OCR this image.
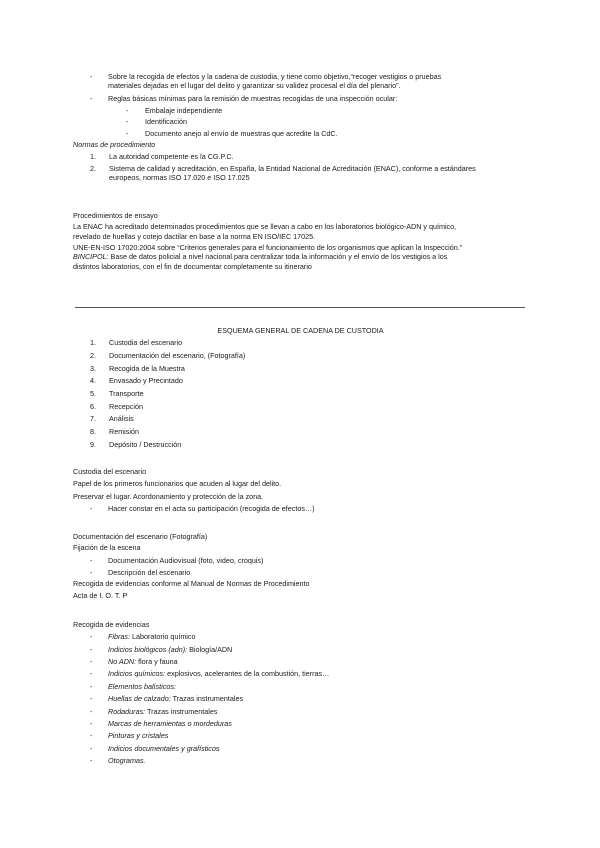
- Sobre la recogida de efectos y la cadena de custodia, y tiene como objetivo,“recoger vestigios o pruebas
materiales dejadas en el lugar del delito y garantizar su validez procesal el día del plenario”.
- Reglas básicas mínimas para la remisión de muestras recogidas de una inspección ocular:
- Embalaje independiente
- Identificación
- Documento anejo al envío de muestras que acredite la CdC.
Normas de procedimiento
1. La autoridad competente es la CG.P.C.
2. Sistema de calidad y acreditación, en España, la Entidad Nacional de Acreditación (ENAC), conforme a estándares
europeos, normas ISO 17.020 e ISO 17.025
Procedimientos de ensayo
La ENAC ha acreditado determinados procedimientos que se llevan a cabo en los laboratorios biológico-ADN y químico,
revelado de huellas y cotejo dactilar en base a la norma EN ISO/IEC 17025.
UNE-EN-ISO 17020:2004 sobre “Criterios generales para el funcionamiento de los organismos que aplican la Inspección.”
BINCIPOL: Base de datos policial a nivel nacional para centralizar toda la información y el envío de los vestigios a los
distintos laboratorios, con el fin de documentar completamente su itinerario
ESQUEMA GENERAL DE CADENA DE CUSTODIA
1. Custodia del escenario
2. Documentación del escenario, (Fotografía)
3. Recogida de la Muestra
4. Envasado y Precintado
5. Transporte
6. Recepción
7. Análisis
8. Remisión
9. Depósito / Destrucción
Custodia del escenario
Papel de los primeros funcionarios que acuden al lugar del delito.
Preservar el lugar. Acordonamiento y protección de la zona.
- Hacer constar en el acta su participación (recogida de efectos…)
Documentación del escenario (Fotografía)
Fijación de la escena
- Documentación Audiovisual (foto, video, croquis)
- Descripción del escenario
Recogida de evidencias conforme al Manual de Normas de Procedimiento
Acta de I. O. T. P
Recogida de evidencias
- Fibras: Laboratorio químico
- Indicios biológicos (adn): Biología/ADN
- No ADN: flora y fauna
- Indicios químicos: explosivos, acelerantes de la combustión, tierras…
- Elementos balísticos:
- Huellas de calzado: Trazas instrumentales
- Rodaduras: Trazas instrumentales
- Marcas de herramientas o mordeduras
- Pinturas y cristales
- Indicios documentales y grafísticos
- Otogramas.
